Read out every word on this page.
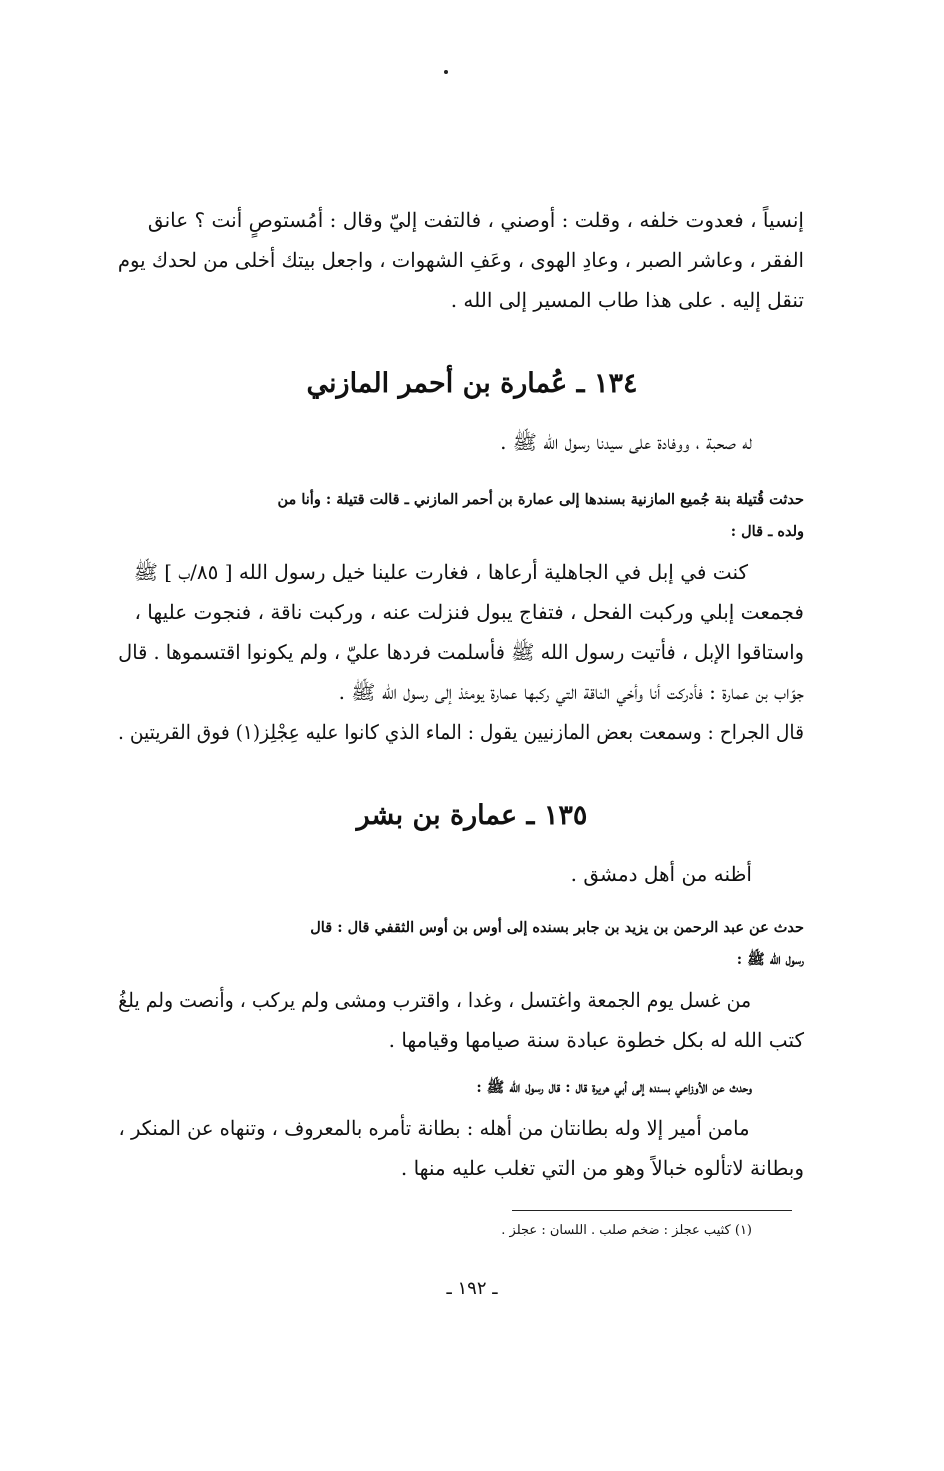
إنسياً ، فعدوت خلفه ، وقلت : أوصني ، فالتفت إليّ وقال : أمُستوصٍ أنت ؟ عانق
الفقر ، وعاشر الصبر ، وعادِ الهوى ، وعَفِ الشهوات ، واجعل بيتك أخلى من لحدك يوم
تنقل إليه . على هذا طاب المسير إلى الله .
١٣٤ ـ عُمارة بن أحمر المازني
له صحبة ، ووفادة على سيدنا رسول الله ﷺ .
حدثت قُتيلة بنة جُميع المازنية بسندها إلى عمارة بن أحمر المازني ـ قالت قتيلة : وأنا من
ولده ـ قال :
كنت في إبل في الجاهلية أرعاها ، فغارت علينا خيل رسول الله [ ٨٥/ب ] ﷺ
فجمعت إبلي وركبت الفحل ، فتفاج يبول فنزلت عنه ، وركبت ناقة ، فنجوت عليها ،
واستاقوا الإبل ، فأتيت رسول الله ﷺ فأسلمت فردها عليّ ، ولم يكونوا اقتسموها . قال
جوّاب بن عمارة : فأدركت أنا وأخي الناقة التي ركبها عمارة يومئذ إلى رسول الله ﷺ .
قال الجراح : وسمعت بعض المازنيين يقول : الماء الذي كانوا عليه عِجْلِز(١) فوق القريتين .
١٣٥ ـ عمارة بن بشر
أظنه من أهل دمشق .
حدث عن عبد الرحمن بن يزيد بن جابر بسنده إلى أوس بن أوس الثقفي قال : قال
رسول الله ﷺ :
من غسل يوم الجمعة واغتسل ، وغدا ، واقترب ومشى ولم يركب ، وأنصت ولم يلغُ
كتب الله له بكل خطوة عبادة سنة صيامها وقيامها .
وحدث عن الأوزاعي بسنده إلى أبي هريرة قال : قال رسول الله ﷺ :
مامن أمير إلا وله بطانتان من أهله : بطانة تأمره بالمعروف ، وتنهاه عن المنكر ،
وبطانة لاتألوه خبالاً وهو من التي تغلب عليه منها .
(١) كثيب عجلز : ضخم صلب . اللسان : عجلز .
ـ ١٩٢ ـ
